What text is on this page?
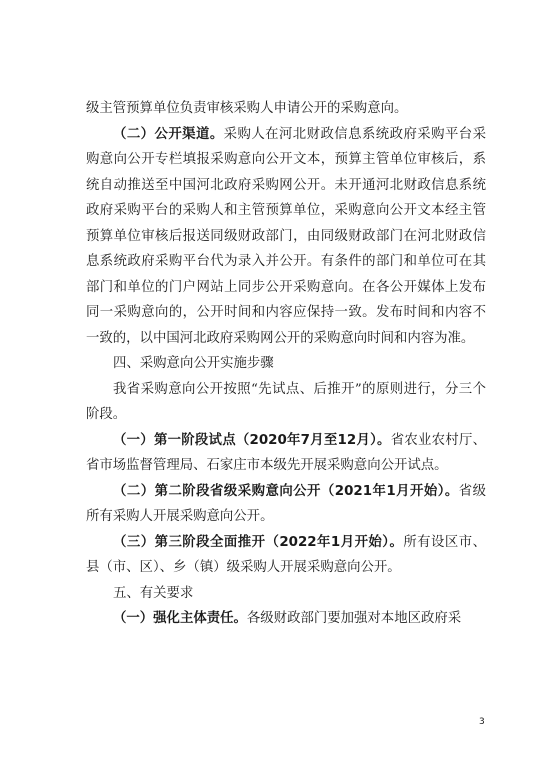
级主管预算单位负责审核采购人申请公开的采购意向。

（二）公开渠道。采购人在河北财政信息系统政府采购平台采购意向公开专栏填报采购意向公开文本，预算主管单位审核后，系统自动推送至中国河北政府采购网公开。未开通河北财政信息系统政府采购平台的采购人和主管预算单位，采购意向公开文本经主管预算单位审核后报送同级财政部门，由同级财政部门在河北财政信息系统政府采购平台代为录入并公开。有条件的部门和单位可在其部门和单位的门户网站上同步公开采购意向。在各公开媒体上发布同一采购意向的，公开时间和内容应保持一致。发布时间和内容不一致的，以中国河北政府采购网公开的采购意向时间和内容为准。

四、采购意向公开实施步骤

我省采购意向公开按照“先试点、后推开”的原则进行，分三个阶段。

（一）第一阶段试点（2020年7月至12月）。省农业农村厅、省市场监督管理局、石家庄市本级先开展采购意向公开试点。

（二）第二阶段省级采购意向公开（2021年1月开始）。省级所有采购人开展采购意向公开。

（三）第三阶段全面推开（2022年1月开始）。所有设区市、县（市、区）、乡（镇）级采购人开展采购意向公开。

五、有关要求

（一）强化主体责任。各级财政部门要加强对本地区政府采

3
